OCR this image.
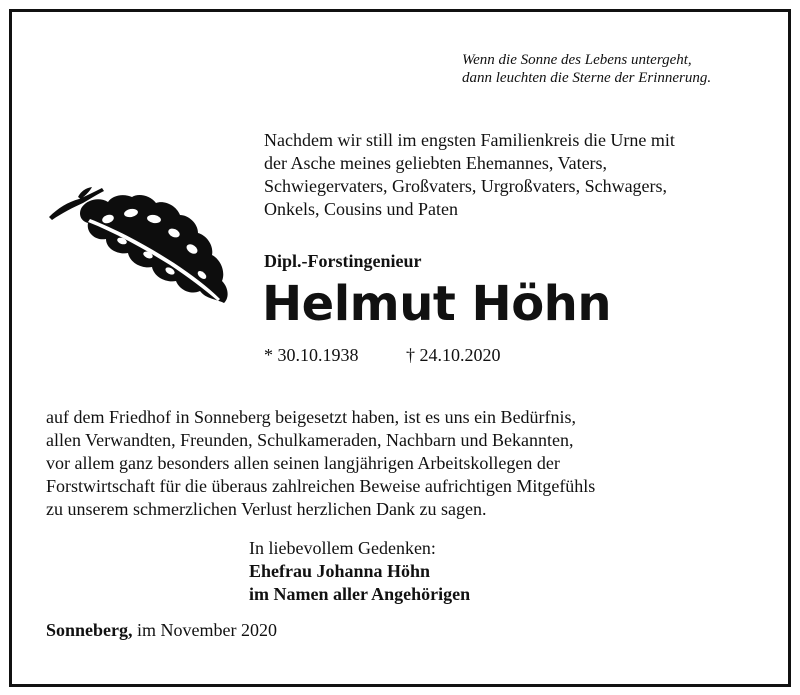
Wenn die Sonne des Lebens untergeht,
dann leuchten die Sterne der Erinnerung.
Nachdem wir still im engsten Familienkreis die Urne mit
der Asche meines geliebten Ehemannes, Vaters,
Schwiegervaters, Großvaters, Urgroßvaters, Schwagers,
Onkels, Cousins und Paten
Dipl.-Forstingenieur
Helmut Höhn
* 30.10.1938	† 24.10.2020
auf dem Friedhof in Sonneberg beigesetzt haben, ist es uns ein Bedürfnis,
allen Verwandten, Freunden, Schulkameraden, Nachbarn und Bekannten,
vor allem ganz besonders allen seinen langjährigen Arbeitskollegen der
Forstwirtschaft für die überaus zahlreichen Beweise aufrichtigen Mitgefühls
zu unserem schmerzlichen Verlust herzlichen Dank zu sagen.
In liebevollem Gedenken:
Ehefrau Johanna Höhn
im Namen aller Angehörigen
Sonneberg, im November 2020
